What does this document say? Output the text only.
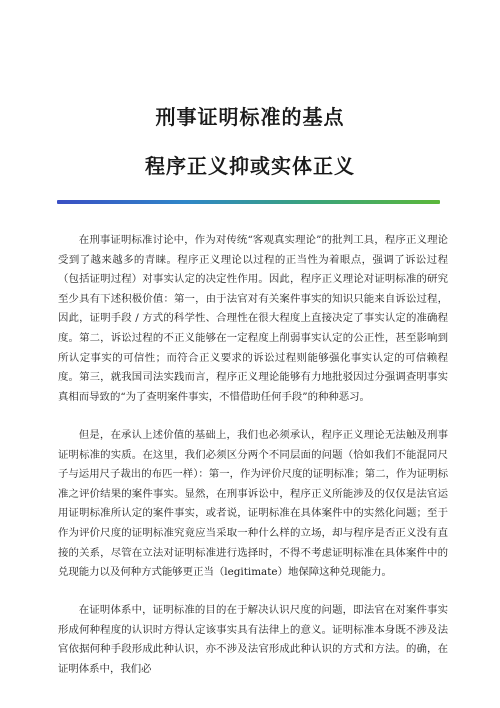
刑事证明标准的基点
程序正义抑或实体正义

在刑事证明标准讨论中，作为对传统“客观真实理论”的批判工具，程序正义理论受到了越来越多的青睐。程序正义理论以过程的正当性为着眼点，强调了诉讼过程（包括证明过程）对事实认定的决定性作用。因此，程序正义理论对证明标准的研究至少具有下述积极价值：第一，由于法官对有关案件事实的知识只能来自诉讼过程，因此，证明手段 / 方式的科学性、合理性在很大程度上直接决定了事实认定的准确程度。第二，诉讼过程的不正义能够在一定程度上削弱事实认定的公正性，甚至影响到所认定事实的可信性；而符合正义要求的诉讼过程则能够强化事实认定的可信赖程度。第三，就我国司法实践而言，程序正义理论能够有力地批驳因过分强调查明事实真相而导致的“为了查明案件事实，不惜借助任何手段”的种种恶习。

但是，在承认上述价值的基础上，我们也必须承认，程序正义理论无法触及刑事证明标准的实质。在这里，我们必须区分两个不同层面的问题（恰如我们不能混同尺子与运用尺子裁出的布匹一样）：第一，作为评价尺度的证明标准；第二，作为证明标准之评价结果的案件事实。显然，在刑事诉讼中，程序正义所能涉及的仅仅是法官运用证明标准所认定的案件事实，或者说，证明标准在具体案件中的实然化问题；至于作为评价尺度的证明标准究竟应当采取一种什么样的立场，却与程序是否正义没有直接的关系，尽管在立法对证明标准进行选择时，不得不考虑证明标准在具体案件中的兑现能力以及何种方式能够更正当（legitimate）地保障这种兑现能力。

在证明体系中，证明标准的目的在于解决认识尺度的问题，即法官在对案件事实形成何种程度的认识时方得认定该事实具有法律上的意义。证明标准本身既不涉及法官依据何种手段形成此种认识，亦不涉及法官形成此种认识的方式和方法。的确，在证明体系中，我们必
